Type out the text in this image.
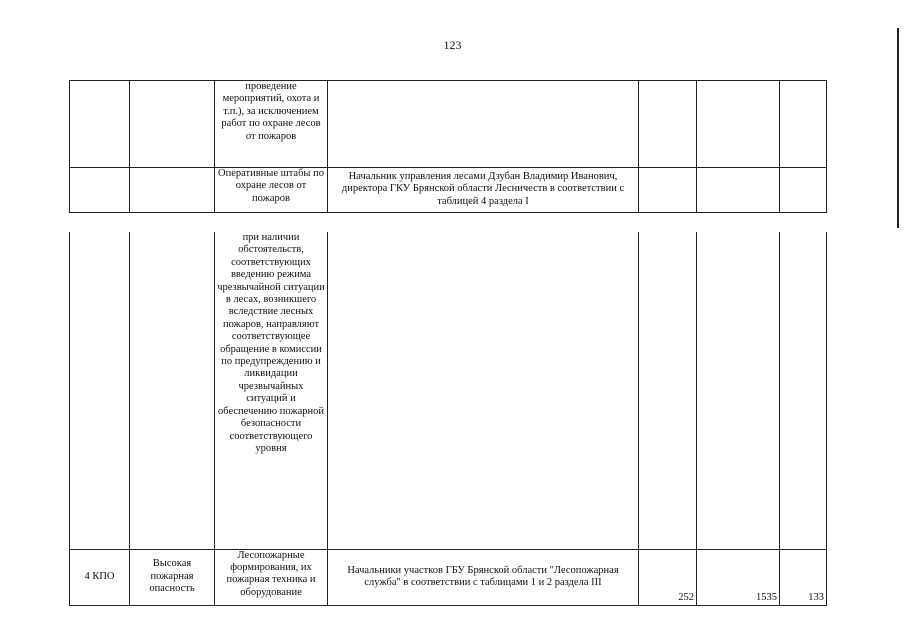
123
		проведение мероприятий, охота и т.п.), за исключением работ по охране лесов от пожаров				
		Оперативные штабы по охране лесов от пожаров	Начальник управления лесами Дзубан Владимир Иванович, директора ГКУ Брянской области Лесничеств в соответствии с таблицей 4 раздела I			
		при наличии обстоятельств, соответствующих введению режима чрезвычайной ситуации в лесах, возникшего вследствие лесных пожаров, направляют соответствующее обращение в комиссии по предупреждению и ликвидации чрезвычайных ситуаций и обеспечению пожарной безопасности соответствующего уровня				
4 КПО	Высокая пожарная опасность	Лесопожарные формирования, их пожарная техника и оборудование	Начальники участков ГБУ Брянской области "Лесопожарная служба" в соответствии с таблицами 1 и 2 раздела III	252	1535	133
